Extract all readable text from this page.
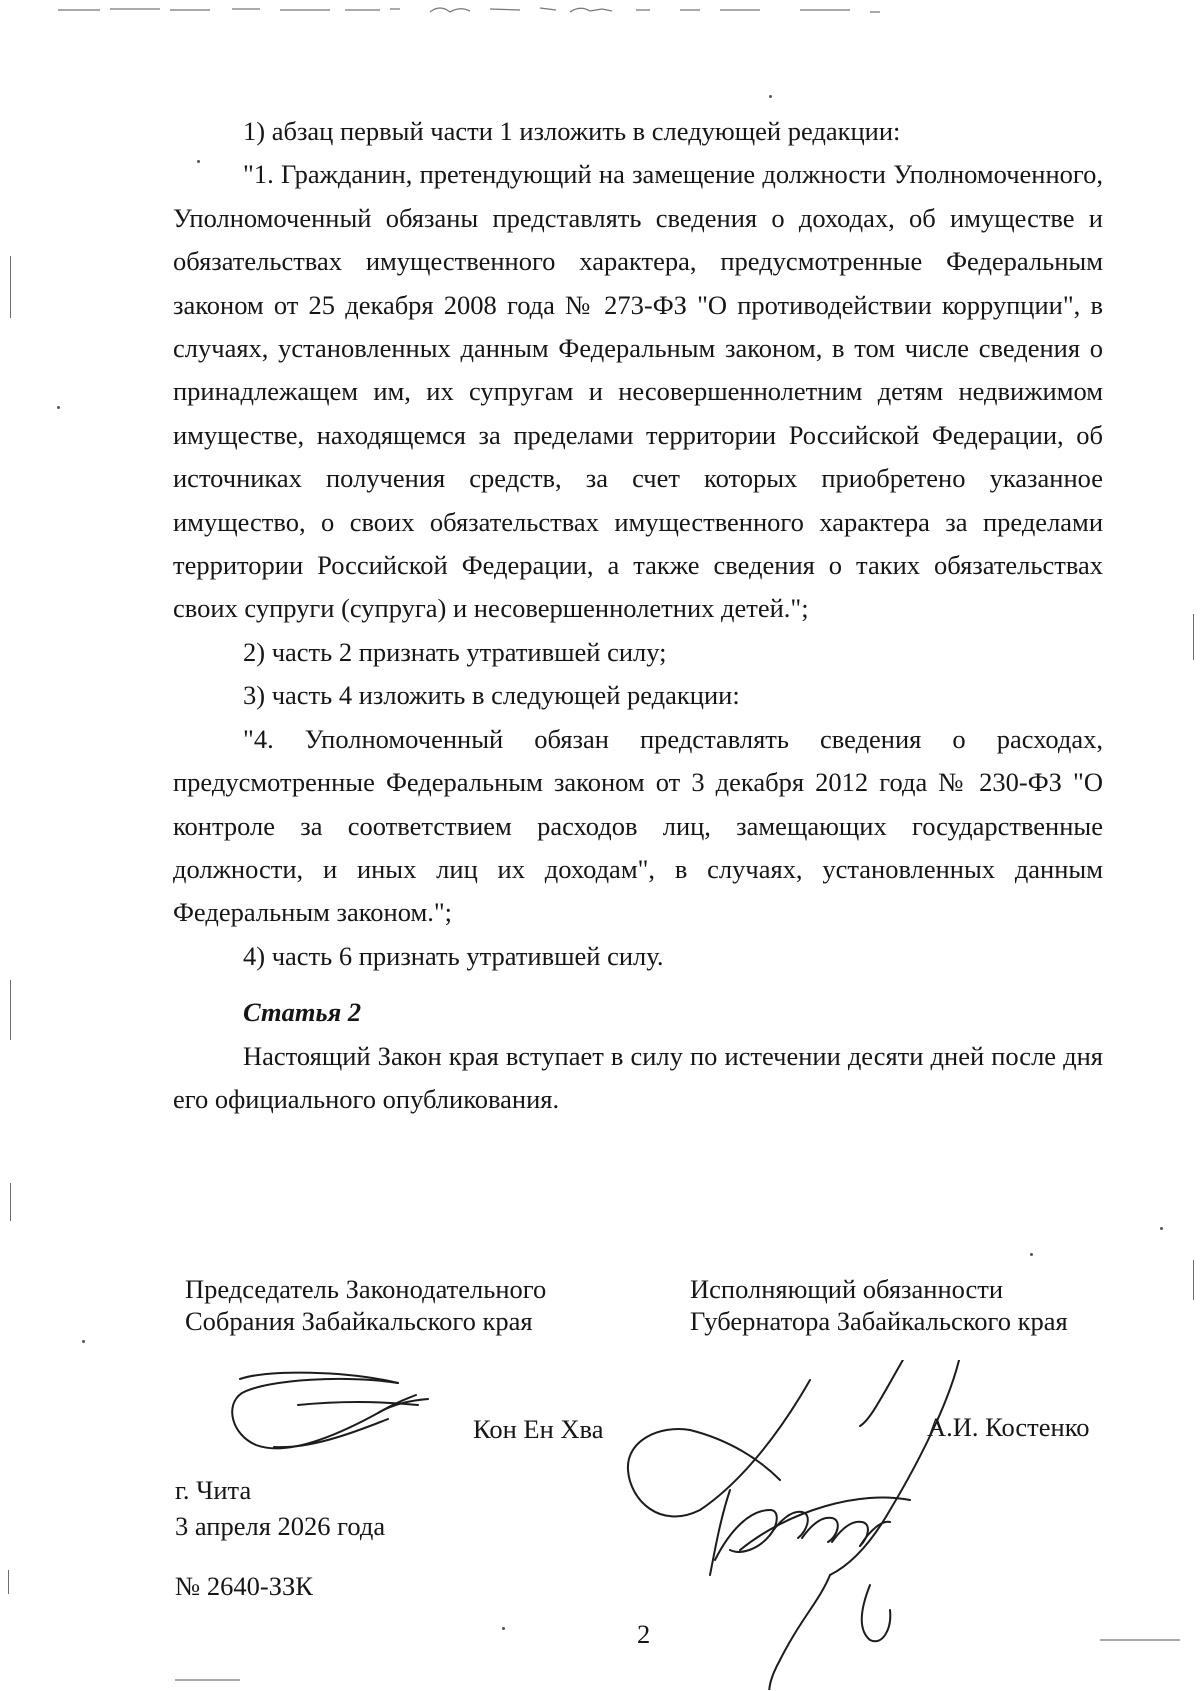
1) абзац первый части 1 изложить в следующей редакции:

"1. Гражданин, претендующий на замещение должности Уполномоченного, Уполномоченный обязаны представлять сведения о доходах, об имуществе и обязательствах имущественного характера, предусмотренные Федеральным законом от 25 декабря 2008 года № 273-ФЗ "О противодействии коррупции", в случаях, установленных данным Федеральным законом, в том числе сведения о принадлежащем им, их супругам и несовершеннолетним детям недвижимом имуществе, находящемся за пределами территории Российской Федерации, об источниках получения средств, за счет которых приобретено указанное имущество, о своих обязательствах имущественного характера за пределами территории Российской Федерации, а также сведения о таких обязательствах своих супруги (супруга) и несовершеннолетних детей.";

2) часть 2 признать утратившей силу;

3) часть 4 изложить в следующей редакции:

"4. Уполномоченный обязан представлять сведения о расходах, предусмотренные Федеральным законом от 3 декабря 2012 года № 230-ФЗ "О контроле за соответствием расходов лиц, замещающих государственные должности, и иных лиц их доходам", в случаях, установленных данным Федеральным законом.";

4) часть 6 признать утратившей силу.

Статья 2

Настоящий Закон края вступает в силу по истечении десяти дней после дня его официального опубликования.

Председатель Законодательного
Собрания Забайкальского края
Исполняющий обязанности
Губернатора Забайкальского края
Кон Ен Хва	А.И. Костенко
г. Чита
3 апреля 2026 года
№ 2640-ЗЗК
2
